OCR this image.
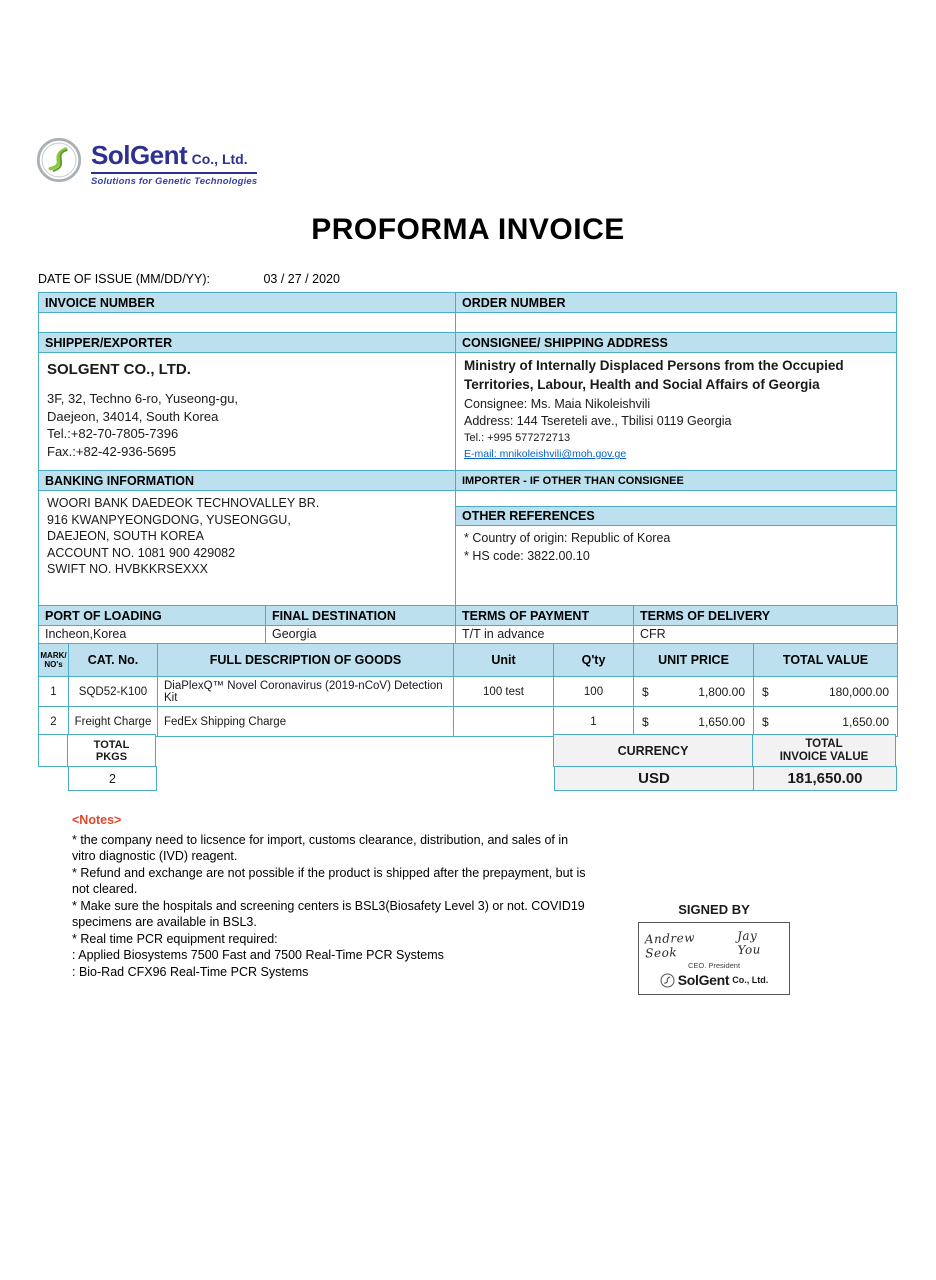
SolGent Co., Ltd.
Solutions for Genetic Technologies
PROFORMA INVOICE
DATE OF ISSUE (MM/DD/YY):	03 / 27 / 2020
INVOICE NUMBER

SHIPPER/EXPORTER

SOLGENT CO., LTD.
3F, 32, Techno 6-ro, Yuseong-gu,
Daejeon, 34014, South Korea
Tel.:+82-70-7805-7396
Fax.:+82-42-936-5695

BANKING INFORMATION

WOORI BANK DAEDEOK TECHNOVALLEY BR.
916 KWANPYEONGDONG, YUSEONGGU,
DAEJEON, SOUTH KOREA
ACCOUNT NO. 1081 900 429082
SWIFT NO. HVBKKRSEXXX
ORDER NUMBER

CONSIGNEE/ SHIPPING ADDRESS

Ministry of Internally Displaced Persons from the Occupied Territories, Labour, Health and Social Affairs of Georgia
Consignee: Ms. Maia Nikoleishvili
Address: 144 Tsereteli ave., Tbilisi 0119 Georgia
Tel.: +995 577272713
E-mail: mnikoleishvili@moh.gov.ge
IMPORTER - IF OTHER THAN CONSIGNEE

OTHER REFERENCES

* Country of origin: Republic of Korea
* HS code: 3822.00.10
PORT OF LOADING	FINAL DESTINATION	TERMS OF PAYMENT	TERMS OF DELIVERY
Incheon,Korea	Georgia	T/T in advance	CFR
MARK/
NO's	CAT. No.	FULL DESCRIPTION OF GOODS	Unit	Q'ty	UNIT PRICE	TOTAL VALUE
1	SQD52-K100	DiaPlexQ™ Novel Coronavirus (2019-nCoV) Detection Kit	100 test	100	$ 1,800.00	$ 180,000.00

2	Freight Charge	FedEx Shipping Charge		1	$ 1,650.00	$ 1,650.00
TOTAL
PKGS	CURRENCY	TOTAL
INVOICE VALUE
2	USD	181,650.00
<Notes>
* the company need to licsence for import, customs clearance, distribution, and sales of in vitro diagnostic (IVD) reagent.
* Refund and exchange are not possible if the product is shipped after the prepayment, but is not cleared.
* Make sure the hospitals and screening centers is BSL3(Biosafety Level 3) or not. COVID19 specimens are available in BSL3.
* Real time PCR equipment required:
: Applied Biosystems 7500 Fast and 7500 Real-Time PCR Systems
: Bio-Rad CFX96 Real-Time PCR Systems
SIGNED BY
Andrew Seok
Jay You
CEO. President
SolGent Co., Ltd.
